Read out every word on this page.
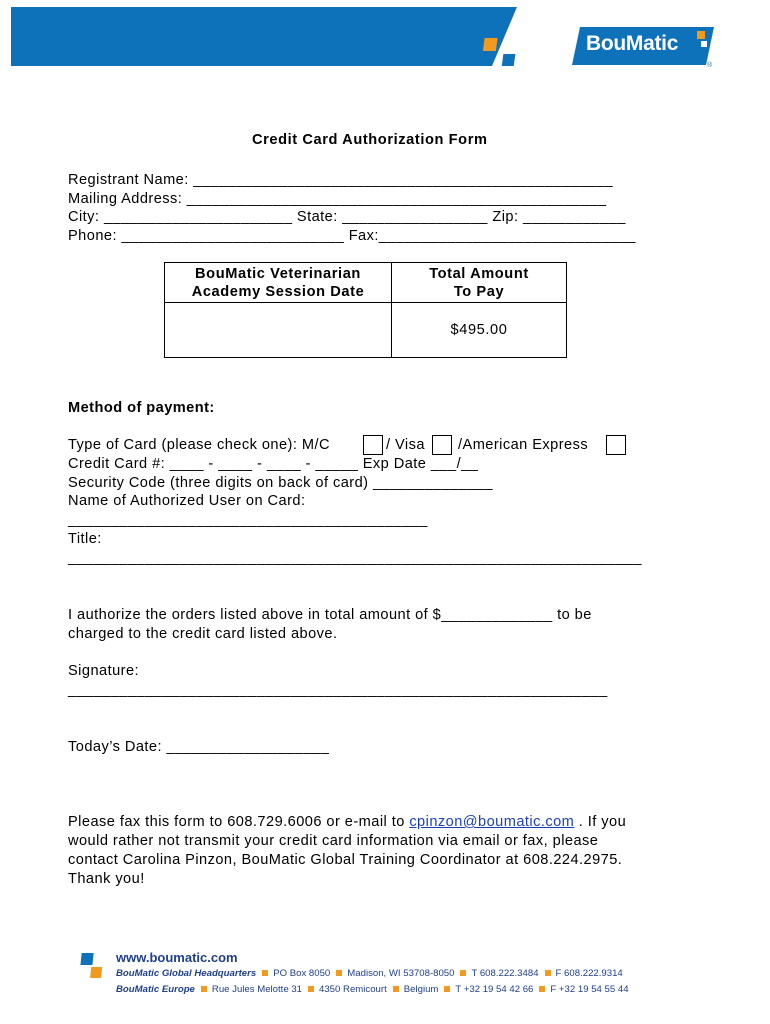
BouMatic
®
Credit Card Authorization Form
Registrant Name: _________________________________________________
Mailing Address: _________________________________________________
City: ______________________ State: _________________ Zip: ____________
Phone: __________________________ Fax:______________________________
BouMatic Veterinarian
Academy Session Date	Total Amount
To Pay
	$495.00
Method of payment:
Type of Card (please check one): M/C	/ Visa /American Express
Credit Card #: ____ - ____ - ____ - _____ Exp Date ___/__
Security Code (three digits on back of card) ______________
Name of Authorized User on Card:
__________________________________________
Title:
___________________________________________________________________
I authorize the orders listed above in total amount of $_____________ to be
charged to the credit card listed above.
Signature:
_______________________________________________________________
Today’s Date: ___________________
Please fax this form to 608.729.6006 or e-mail to cpinzon@boumatic.com . If you
would rather not transmit your credit card information via email or fax, please
contact Carolina Pinzon, BouMatic Global Training Coordinator at 608.224.2975.
Thank you!
www.boumatic.com
BouMatic Global Headquarters PO Box 8050 Madison, WI 53708-8050 T 608.222.3484 F 608.222.9314
BouMatic Europe Rue Jules Melotte 31 4350 Remicourt Belgium T +32 19 54 42 66 F +32 19 54 55 44
